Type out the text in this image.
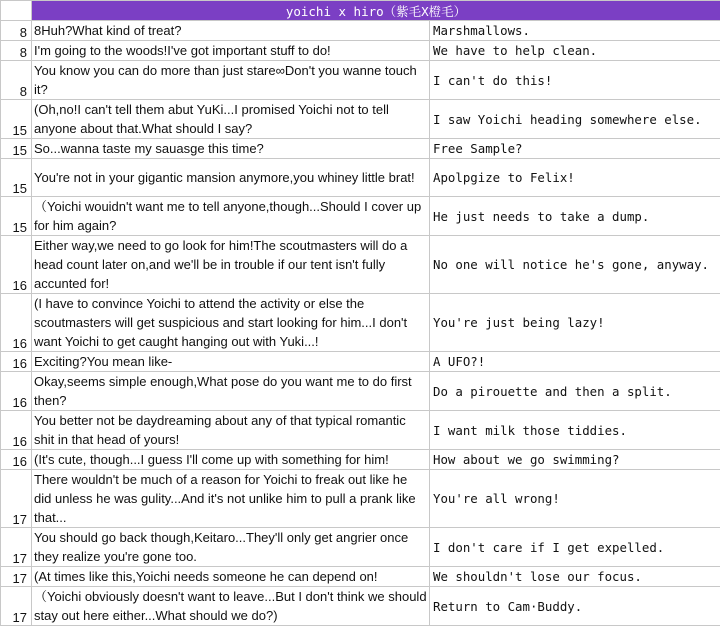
	yoichi x hiro（紫毛X橙毛）	
8	8Huh?What kind of treat?	Marshmallows.
8	I'm going to the woods!I've got important stuff to do!	We have to help clean.
8	You know you can do more than just stare∞Don't you wanne touch it?	I can't do this!
15	(Oh,no!I can't tell them abut YuKi...I promised Yoichi not to tell anyone about that.What should I say?	I saw Yoichi heading somewhere else.
15	So...wanna taste my sauasge this time?	Free Sample?
15	You're not in your gigantic mansion anymore,you whiney little brat!	Apolpgize to Felix!
15	（Yoichi wouidn't want me to tell anyone,though...Should I cover up for him again?	He just needs to take a dump.
16	Either way,we need to go look for him!The scoutmasters will do a head count later on,and we'll be in trouble if our tent isn't fully accunted for!	No one will notice he's gone, anyway.
16	(I have to convince Yoichi to attend the activity or else the scoutmasters will get suspicious and start looking for him...I don't want Yoichi to get caught hanging out with Yuki...!	You're just being lazy!
16	Exciting?You mean like-	A UFO?!
16	Okay,seems simple enough,What pose do you want me to do first then?	Do a pirouette and then a split.
16	You better not be daydreaming about any of that typical romantic shit in that head of yours!	I want milk those tiddies.
16	(It's cute, though...I guess I'll come up with something for him!	How about we go swimming?
17	There wouldn't be much of a reason for Yoichi to freak out like he did unless he was gulity...And it's not unlike him to pull a prank like that...	You're all wrong!
17	You should go back though,Keitaro...They'll only get angrier once they realize you're gone too.	I don't care if I get expelled.
17	(At times like this,Yoichi needs someone he can depend on!	We shouldn't lose our focus.
17	（Yoichi obviously doesn't want to leave...But I don't think we should stay out here either...What should we do?)	Return to Cam·Buddy.
